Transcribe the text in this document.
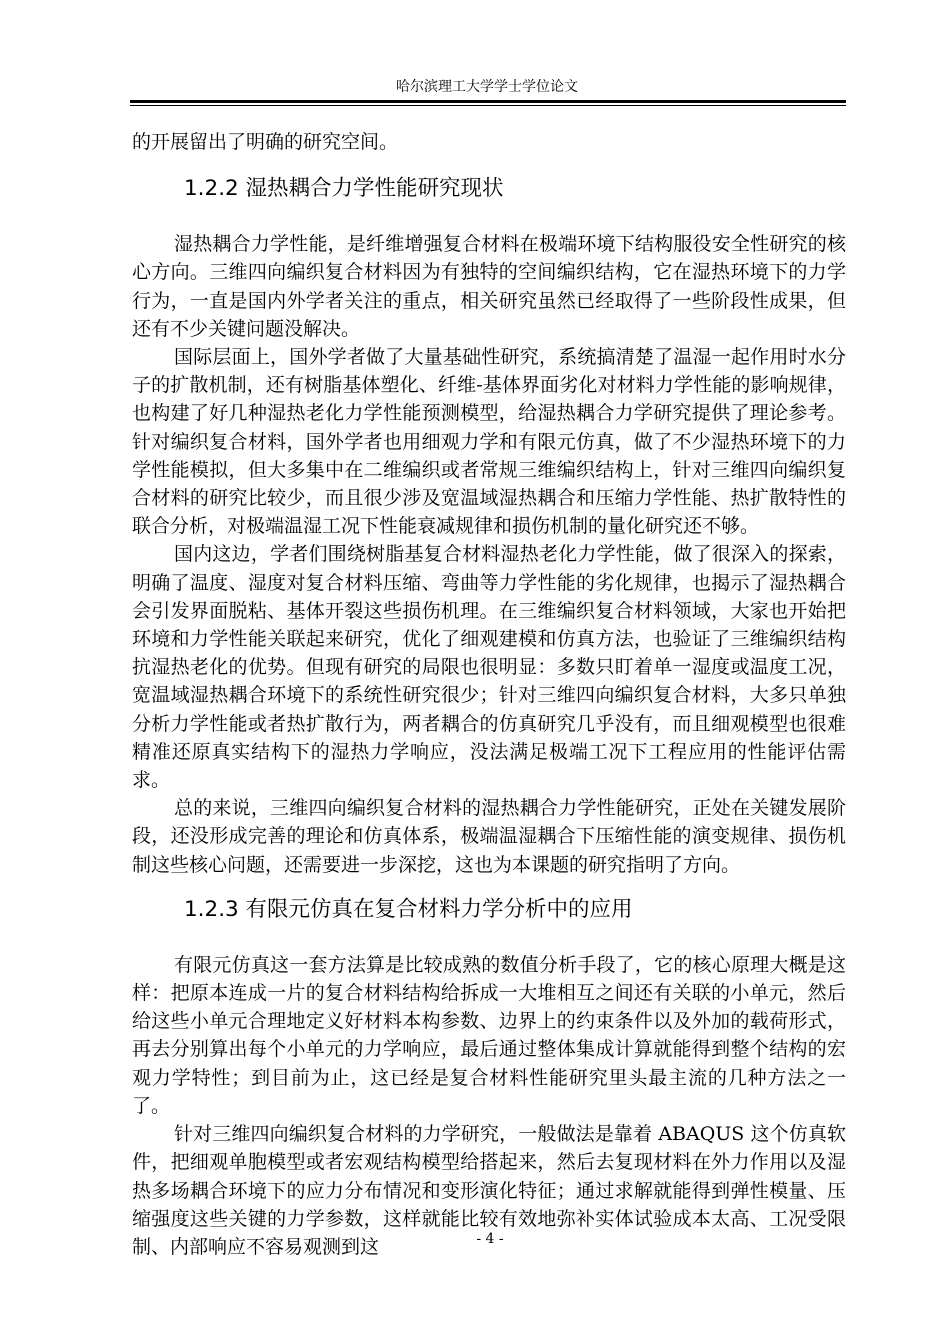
哈尔滨理工大学学士学位论文

的开展留出了明确的研究空间。

1.2.2 湿热耦合力学性能研究现状

湿热耦合力学性能，是纤维增强复合材料在极端环境下结构服役安全性研究的核心方向。三维四向编织复合材料因为有独特的空间编织结构，它在湿热环境下的力学行为，一直是国内外学者关注的重点，相关研究虽然已经取得了一些阶段性成果，但还有不少关键问题没解决。

国际层面上，国外学者做了大量基础性研究，系统搞清楚了温湿一起作用时水分子的扩散机制，还有树脂基体塑化、纤维-基体界面劣化对材料力学性能的影响规律，也构建了好几种湿热老化力学性能预测模型，给湿热耦合力学研究提供了理论参考。针对编织复合材料，国外学者也用细观力学和有限元仿真，做了不少湿热环境下的力学性能模拟，但大多集中在二维编织或者常规三维编织结构上，针对三维四向编织复合材料的研究比较少，而且很少涉及宽温域湿热耦合和压缩力学性能、热扩散特性的联合分析，对极端温湿工况下性能衰减规律和损伤机制的量化研究还不够。

国内这边，学者们围绕树脂基复合材料湿热老化力学性能，做了很深入的探索，明确了温度、湿度对复合材料压缩、弯曲等力学性能的劣化规律，也揭示了湿热耦合会引发界面脱粘、基体开裂这些损伤机理。在三维编织复合材料领域，大家也开始把环境和力学性能关联起来研究，优化了细观建模和仿真方法，也验证了三维编织结构抗湿热老化的优势。但现有研究的局限也很明显：多数只盯着单一湿度或温度工况，宽温域湿热耦合环境下的系统性研究很少；针对三维四向编织复合材料，大多只单独分析力学性能或者热扩散行为，两者耦合的仿真研究几乎没有，而且细观模型也很难精准还原真实结构下的湿热力学响应，没法满足极端工况下工程应用的性能评估需求。

总的来说，三维四向编织复合材料的湿热耦合力学性能研究，正处在关键发展阶段，还没形成完善的理论和仿真体系，极端温湿耦合下压缩性能的演变规律、损伤机制这些核心问题，还需要进一步深挖，这也为本课题的研究指明了方向。

1.2.3 有限元仿真在复合材料力学分析中的应用

有限元仿真这一套方法算是比较成熟的数值分析手段了，它的核心原理大概是这样：把原本连成一片的复合材料结构给拆成一大堆相互之间还有关联的小单元，然后给这些小单元合理地定义好材料本构参数、边界上的约束条件以及外加的载荷形式，再去分别算出每个小单元的力学响应，最后通过整体集成计算就能得到整个结构的宏观力学特性；到目前为止，这已经是复合材料性能研究里头最主流的几种方法之一了。

针对三维四向编织复合材料的力学研究，一般做法是靠着 ABAQUS 这个仿真软件，把细观单胞模型或者宏观结构模型给搭起来，然后去复现材料在外力作用以及湿热多场耦合环境下的应力分布情况和变形演化特征；通过求解就能得到弹性模量、压缩强度这些关键的力学参数，这样就能比较有效地弥补实体试验成本太高、工况受限制、内部响应不容易观测到这	- 4 -
